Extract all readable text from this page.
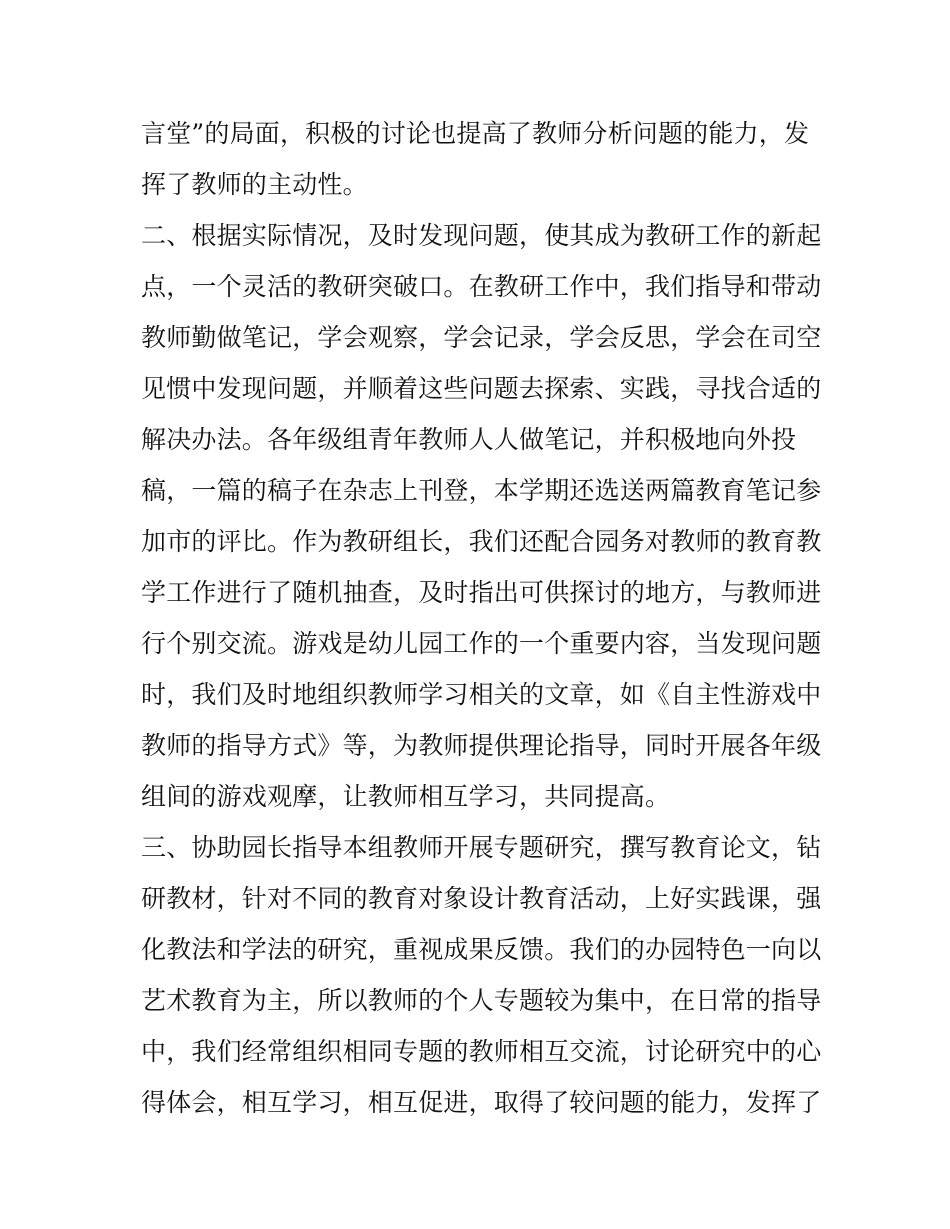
言堂”的局面，积极的讨论也提高了教师分析问题的能力，发
挥了教师的主动性。
二、根据实际情况，及时发现问题，使其成为教研工作的新起
点，一个灵活的教研突破口。在教研工作中，我们指导和带动
教师勤做笔记，学会观察，学会记录，学会反思，学会在司空
见惯中发现问题，并顺着这些问题去探索、实践，寻找合适的
解决办法。各年级组青年教师人人做笔记，并积极地向外投
稿，一篇的稿子在杂志上刊登，本学期还选送两篇教育笔记参
加市的评比。作为教研组长，我们还配合园务对教师的教育教
学工作进行了随机抽查，及时指出可供探讨的地方，与教师进
行个别交流。游戏是幼儿园工作的一个重要内容，当发现问题
时，我们及时地组织教师学习相关的文章，如《自主性游戏中
教师的指导方式》等，为教师提供理论指导，同时开展各年级
组间的游戏观摩，让教师相互学习，共同提高。
三、协助园长指导本组教师开展专题研究，撰写教育论文，钻
研教材，针对不同的教育对象设计教育活动，上好实践课，强
化教法和学法的研究，重视成果反馈。我们的办园特色一向以
艺术教育为主，所以教师的个人专题较为集中，在日常的指导
中，我们经常组织相同专题的教师相互交流，讨论研究中的心
得体会，相互学习，相互促进，取得了较问题的能力，发挥了
